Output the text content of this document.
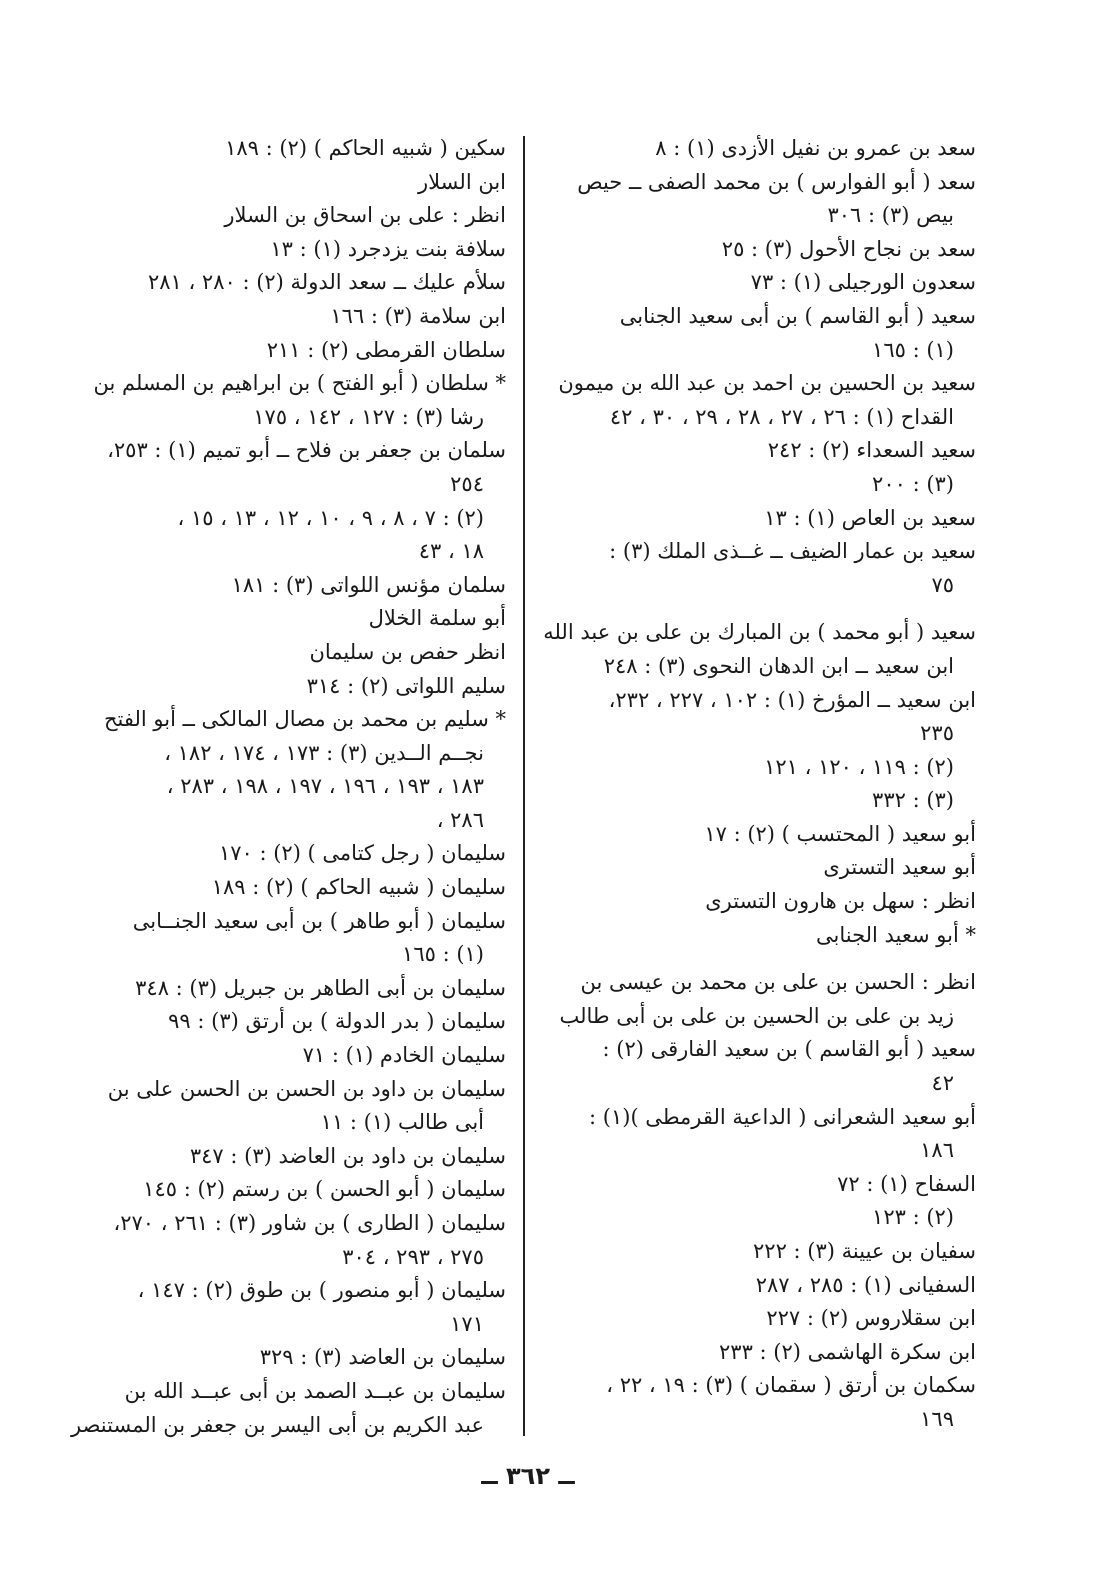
سعد بن عمرو بن نفيل الأزدى (١) : ٨
سعد ( أبو الفوارس ) بن محمد الصفى ــ حيص
بيص (٣) : ٣٠٦
سعد بن نجاح الأحول (٣) : ٢٥
سعدون الورجيلى (١) : ٧٣
سعيد ( أبو القاسم ) بن أبى سعيد الجنابى
(١) : ١٦٥
سعيد بن الحسين بن احمد بن عبد الله بن ميمون
القداح (١) : ٢٦ ، ٢٧ ، ٢٨ ، ٢٩ ، ٣٠ ، ٤٢
سعيد السعداء (٢) : ٢٤٢
(٣) : ٢٠٠
سعيد بن العاص (١) : ١٣
سعيد بن عمار الضيف ــ غــذى الملك (٣) :
٧٥
سعيد ( أبو محمد ) بن المبارك بن على بن عبد الله
ابن سعيد ــ ابن الدهان النحوى (٣) : ٢٤٨
ابن سعيد ــ المؤرخ (١) : ١٠٢ ، ٢٢٧ ، ٢٣٢،
٢٣٥
(٢) : ١١٩ ، ١٢٠ ، ١٢١
(٣) : ٣٣٢
أبو سعيد ( المحتسب ) (٢) : ١٧
أبو سعيد التسترى
انظر : سهل بن هارون التسترى
* أبو سعيد الجنابى
انظر : الحسن بن على بن محمد بن عيسى بن
زيد بن على بن الحسين بن على بن أبى طالب
سعيد ( أبو القاسم ) بن سعيد الفارقى (٢) :
٤٢
أبو سعيد الشعرانى ( الداعية القرمطى )(١) :
١٨٦
السفاح (١) : ٧٢
(٢) : ١٢٣
سفيان بن عيينة (٣) : ٢٢٢
السفيانى (١) : ٢٨٥ ، ٢٨٧
ابن سقلاروس (٢) : ٢٢٧
ابن سكرة الهاشمى (٢) : ٢٣٣
سكمان بن أرتق ( سقمان ) (٣) : ١٩ ، ٢٢ ،
١٦٩
سكين ( شبيه الحاكم ) (٢) : ١٨٩
ابن السلار
انظر : على بن اسحاق بن السلار
سلافة بنت يزدجرد (١) : ١٣
سلأم عليك ــ سعد الدولة (٢) : ٢٨٠ ، ٢٨١
ابن سلامة (٣) : ١٦٦
سلطان القرمطى (٢) : ٢١١
* سلطان ( أبو الفتح ) بن ابراهيم بن المسلم بن
رشا (٣) : ١٢٧ ، ١٤٢ ، ١٧٥
سلمان بن جعفر بن فلاح ــ أبو تميم (١) : ٢٥٣،
٢٥٤
(٢) : ٧ ، ٨ ، ٩ ، ١٠ ، ١٢ ، ١٣ ، ١٥ ،
١٨ ، ٤٣
سلمان مؤنس اللواتى (٣) : ١٨١
أبو سلمة الخلال
انظر حفص بن سليمان
سليم اللواتى (٢) : ٣١٤
* سليم بن محمد بن مصال المالكى ــ أبو الفتح
نجــم الــدين (٣) : ١٧٣ ، ١٧٤ ، ١٨٢ ،
١٨٣ ، ١٩٣ ، ١٩٦ ، ١٩٧ ، ١٩٨ ، ٢٨٣ ،
٢٨٦ ،
سليمان ( رجل كتامى ) (٢) : ١٧٠
سليمان ( شبيه الحاكم ) (٢) : ١٨٩
سليمان ( أبو طاهر ) بن أبى سعيد الجنــابى
(١) : ١٦٥
سليمان بن أبى الطاهر بن جبريل (٣) : ٣٤٨
سليمان ( بدر الدولة ) بن أرتق (٣) : ٩٩
سليمان الخادم (١) : ٧١
سليمان بن داود بن الحسن بن الحسن على بن
أبى طالب (١) : ١١
سليمان بن داود بن العاضد (٣) : ٣٤٧
سليمان ( أبو الحسن ) بن رستم (٢) : ١٤٥
سليمان ( الطارى ) بن شاور (٣) : ٢٦١ ، ٢٧٠،
٢٧٥ ، ٢٩٣ ، ٣٠٤
سليمان ( أبو منصور ) بن طوق (٢) : ١٤٧ ،
١٧١
سليمان بن العاضد (٣) : ٣٢٩
سليمان بن عبــد الصمد بن أبى عبــد الله بن
عبد الكريم بن أبى اليسر بن جعفر بن المستنصر
ــ ٣٦٢ ــ
